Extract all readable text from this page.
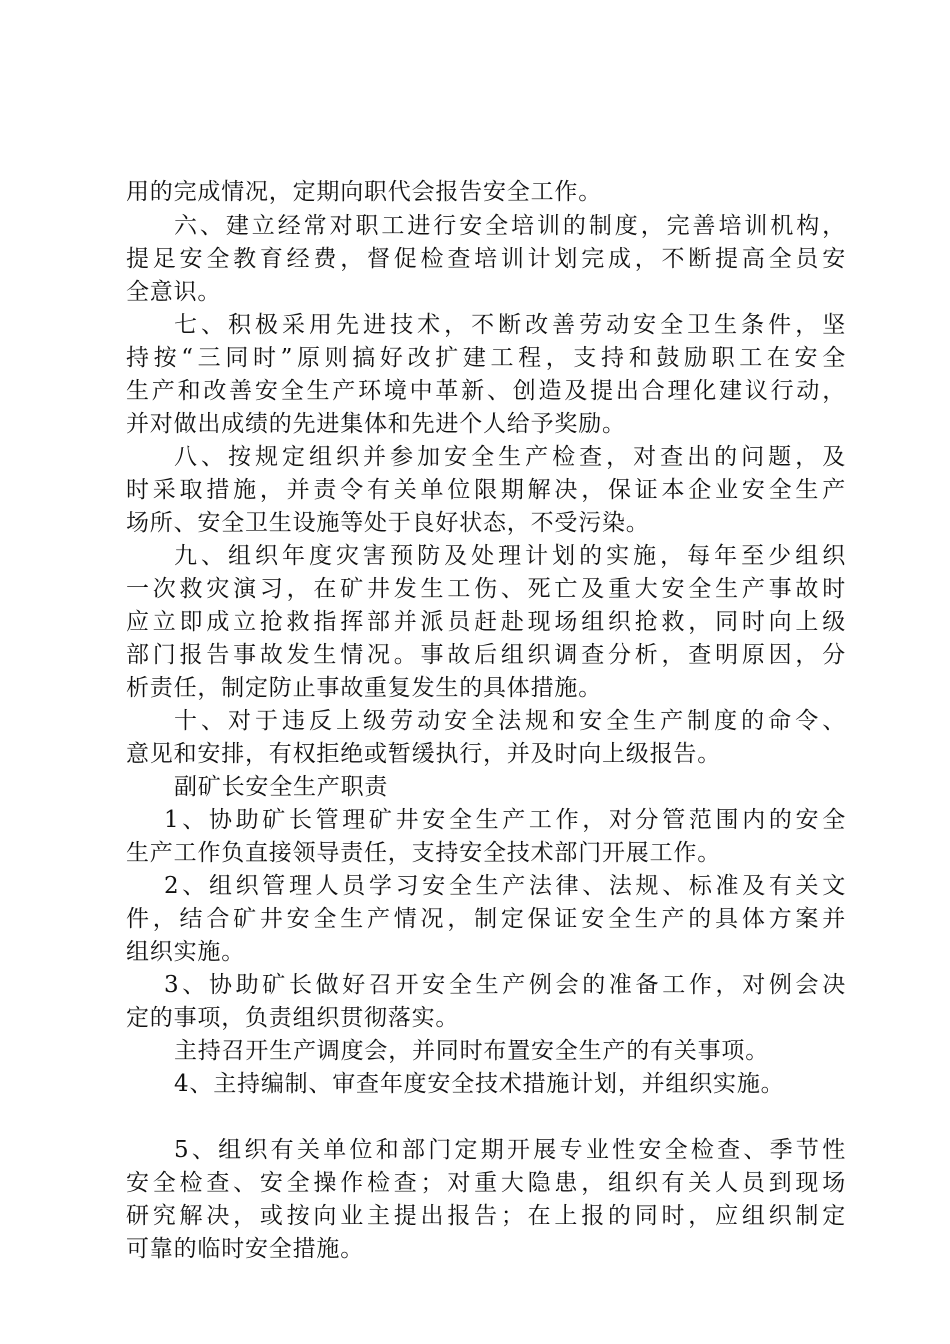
用的完成情况，定期向职代会报告安全工作。
六、建立经常对职工进行安全培训的制度，完善培训机构，
提足安全教育经费，督促检查培训计划完成，不断提高全员安
全意识。
七、积极采用先进技术，不断改善劳动安全卫生条件，坚
持按“三同时”原则搞好改扩建工程，支持和鼓励职工在安全
生产和改善安全生产环境中革新、创造及提出合理化建议行动，
并对做出成绩的先进集体和先进个人给予奖励。
八、按规定组织并参加安全生产检查，对查出的问题，及
时采取措施，并责令有关单位限期解决，保证本企业安全生产
场所、安全卫生设施等处于良好状态，不受污染。
九、组织年度灾害预防及处理计划的实施，每年至少组织
一次救灾演习，在矿井发生工伤、死亡及重大安全生产事故时
应立即成立抢救指挥部并派员赶赴现场组织抢救，同时向上级
部门报告事故发生情况。事故后组织调查分析，查明原因，分
析责任，制定防止事故重复发生的具体措施。
十、对于违反上级劳动安全法规和安全生产制度的命令、
意见和安排，有权拒绝或暂缓执行，并及时向上级报告。
副矿长安全生产职责
1、协助矿长管理矿井安全生产工作，对分管范围内的安全
生产工作负直接领导责任，支持安全技术部门开展工作。
2、组织管理人员学习安全生产法律、法规、标准及有关文
件，结合矿井安全生产情况，制定保证安全生产的具体方案并
组织实施。
3、协助矿长做好召开安全生产例会的准备工作，对例会决
定的事项，负责组织贯彻落实。
主持召开生产调度会，并同时布置安全生产的有关事项。
4、主持编制、审查年度安全技术措施计划，并组织实施。
5、组织有关单位和部门定期开展专业性安全检查、季节性
安全检查、安全操作检查；对重大隐患，组织有关人员到现场
研究解决，或按向业主提出报告；在上报的同时，应组织制定
可靠的临时安全措施。
